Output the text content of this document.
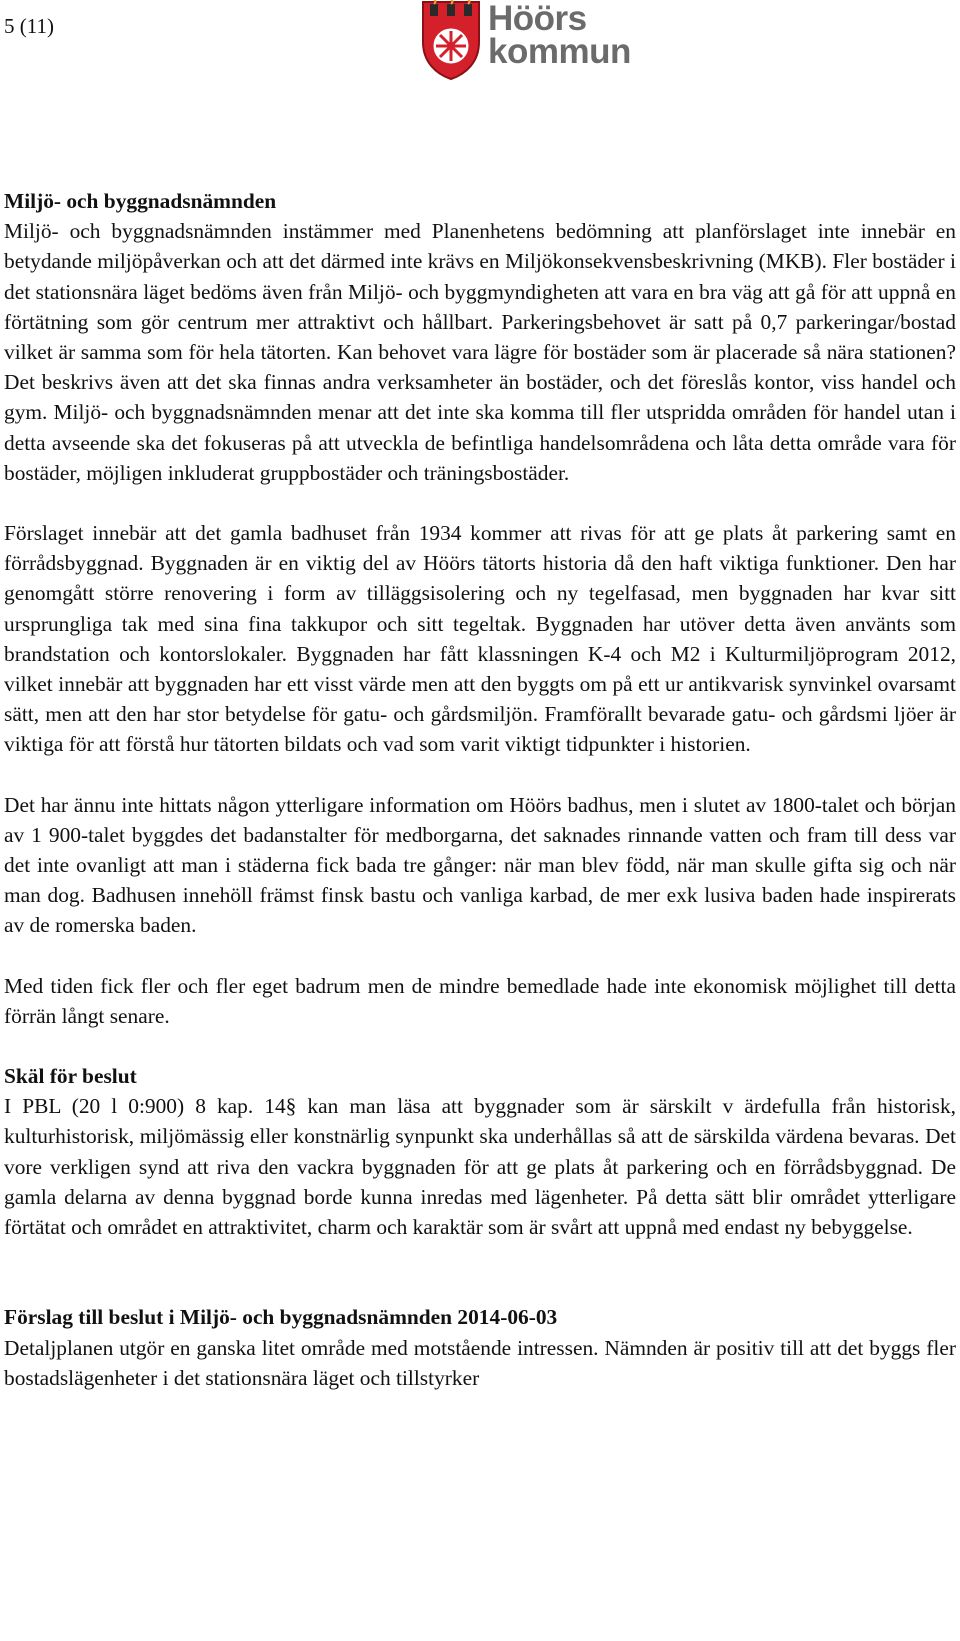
5 (11)	Höörs
kommun
Miljö- och byggnadsnämnden

Miljö- och byggnadsnämnden instämmer med Planenhetens bedömning att planförslaget inte innebär en betydande miljöpåverkan och att det därmed inte krävs en Miljökonsekvensbeskrivning (MKB). Fler bostäder i det stationsnära läget bedöms även från Miljö- och byggmyndigheten att vara en bra väg att gå för att uppnå en förtätning som gör centrum mer attraktivt och hållbart. Parkeringsbehovet är satt på 0,7 parkeringar/bostad vilket är samma som för hela tätorten. Kan behovet vara lägre för bostäder som är placerade så nära stationen? Det beskrivs även att det ska finnas andra verksamheter än bostäder, och det föreslås kontor, viss handel och gym. Miljö- och byggnadsnämnden menar att det inte ska komma till fler utspridda områden för handel utan i detta avseende ska det fokuseras på att utveckla de befintliga handelsområdena och låta detta område vara för bostäder, möjligen inkluderat gruppbostäder och träningsbostäder.

Förslaget innebär att det gamla badhuset från 1934 kommer att rivas för att ge plats åt parkering samt en förrådsbyggnad. Byggnaden är en viktig del av Höörs tätorts historia då den haft viktiga funktioner. Den har genomgått större renovering i form av tilläggsisolering och ny tegelfasad, men byggnaden har kvar sitt ursprungliga tak med sina fina takkupor och sitt tegeltak. Byggnaden har utöver detta även använts som brandstation och kontorslokaler. Byggnaden har fått klassningen K-4 och M2 i Kulturmiljöprogram 2012, vilket innebär att byggnaden har ett visst värde men att den byggts om på ett ur antikvarisk synvinkel ovarsamt sätt, men att den har stor betydelse för gatu- och gårdsmiljön. Framförallt bevarade gatu- och gårdsmi ljöer är viktiga för att förstå hur tätorten bildats och vad som varit viktigt tidpunkter i historien.

Det har ännu inte hittats någon ytterligare information om Höörs badhus, men i slutet av 1800-talet och början av 1 900-talet byggdes det badanstalter för medborgarna, det saknades rinnande vatten och fram till dess var det inte ovanligt att man i städerna fick bada tre gånger: när man blev född, när man skulle gifta sig och när man dog. Badhusen innehöll främst finsk bastu och vanliga karbad, de mer exk lusiva baden hade inspirerats av de romerska baden.

Med tiden fick fler och fler eget badrum men de mindre bemedlade hade inte ekonomisk möjlighet till detta förrän långt senare.

Skäl för beslut

I PBL (20 l 0:900) 8 kap. 14§ kan man läsa att byggnader som är särskilt v ärdefulla från historisk, kulturhistorisk, miljömässig eller konstnärlig synpunkt ska underhållas så att de särskilda värdena bevaras. Det vore verkligen synd att riva den vackra byggnaden för att ge plats åt parkering och en förrådsbyggnad. De gamla delarna av denna byggnad borde kunna inredas med lägenheter. På detta sätt blir området ytterligare förtätat och området en attraktivitet, charm och karaktär som är svårt att uppnå med endast ny bebyggelse.

Förslag till beslut i Miljö- och byggnadsnämnden 2014-06-03

Detaljplanen utgör en ganska litet område med motstående intressen. Nämnden är positiv till att det byggs fler bostadslägenheter i det stationsnära läget och tillstyrker
